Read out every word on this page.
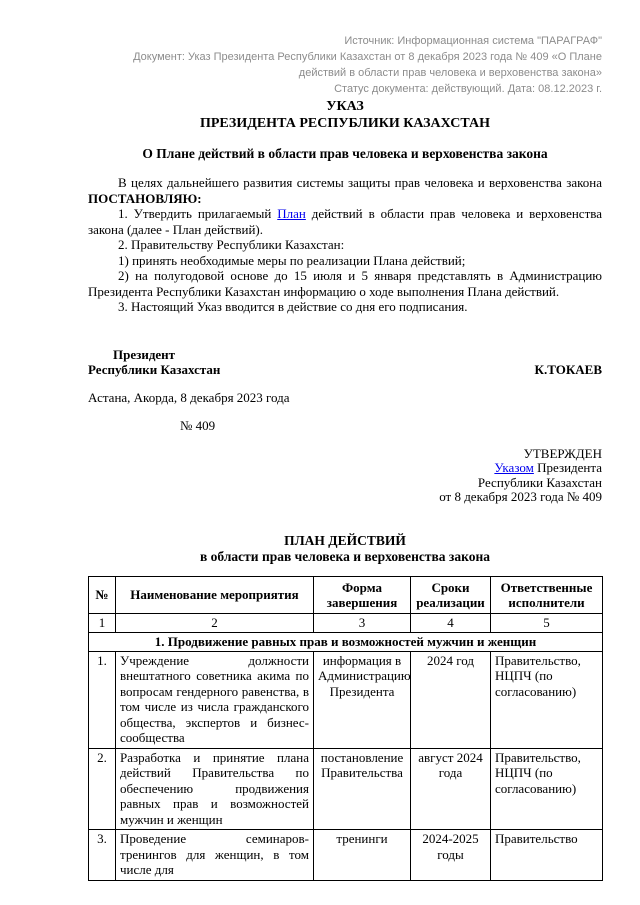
Источник: Информационная система "ПАРАГРАФ"
Документ: Указ Президента Республики Казахстан от 8 декабря 2023 года № 409 «О Плане действий в области прав человека и верховенства закона»
Статус документа: действующий. Дата: 08.12.2023 г.
УКАЗ
ПРЕЗИДЕНТА РЕСПУБЛИКИ КАЗАХСТАН
О Плане действий в области прав человека и верховенства закона

В целях дальнейшего развития системы защиты прав человека и верховенства закона ПОСТАНОВЛЯЮ:

1. Утвердить прилагаемый План действий в области прав человека и верховенства закона (далее - План действий).

2. Правительству Республики Казахстан:

1) принять необходимые меры по реализации Плана действий;

2) на полугодовой основе до 15 июля и 5 января представлять в Администрацию Президента Республики Казахстан информацию о ходе выполнения Плана действий.

3. Настоящий Указ вводится в действие со дня его подписания.

Президент
Республики Казахстан	К.ТОКАЕВ
Астана, Акорда, 8 декабря 2023 года
№ 409
УТВЕРЖДЕН
Указом Президента
Республики Казахстан
от 8 декабря 2023 года № 409
ПЛАН ДЕЙСТВИЙ
в области прав человека и верховенства закона
№	Наименование мероприятия	Форма завершения	Сроки реализации	Ответственные исполнители
1	2	3	4	5
1. Продвижение равных прав и возможностей мужчин и женщин				
1.	Учреждение должности внештатного советника акима по вопросам гендерного равенства, в том числе из числа гражданского общества, экспертов и бизнес-сообщества	информация в Администрацию Президента	2024 год	Правительство, НЦПЧ (по согласованию)
2.	Разработка и принятие плана действий Правительства по обеспечению продвижения равных прав и возможностей мужчин и женщин	постановление Правительства	август 2024 года	Правительство, НЦПЧ (по согласованию)
3.	Проведение семинаров-тренингов для женщин, в том числе для	тренинги	2024-2025 годы	Правительство
